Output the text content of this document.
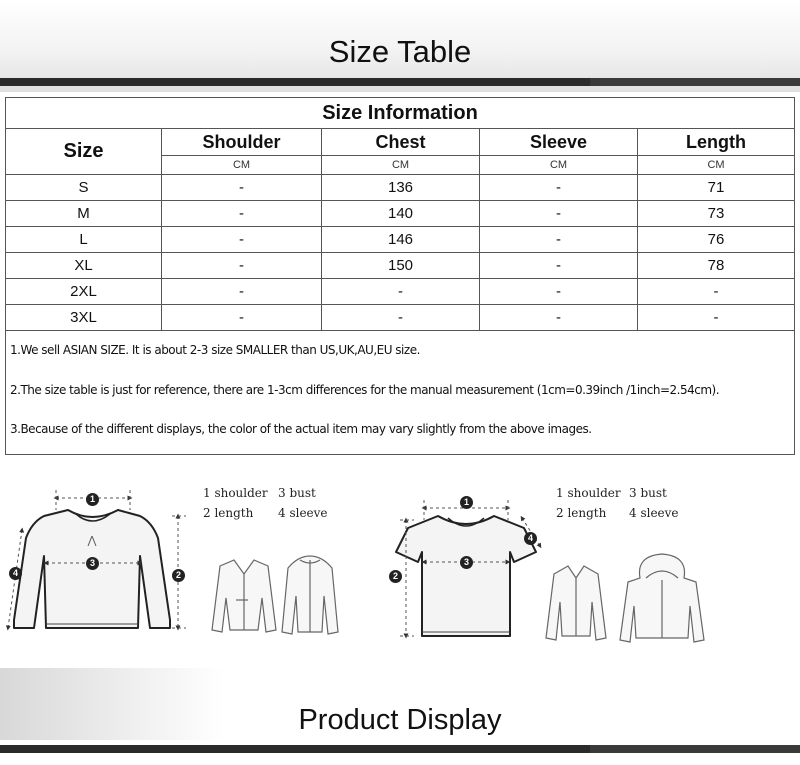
Size Table
Size Information				
Size	Shoulder	Chest	Sleeve	Length
	CM	CM	CM	CM
S	-	136	-	71
M	-	140	-	73
L	-	146	-	76
XL	-	150	-	78
2XL	-	-	-	-
3XL	-	-	-	-

1.We sell ASIAN SIZE. It is about 2-3 size SMALLER than US,UK,AU,EU size.
2.The size table is just for reference, there are 1-3cm differences for the manual measurement (1cm=0.39inch /1inch=2.54cm).
3.Because of the different displays, the color of the actual item may vary slightly from the above images.				
1
3
2
4
1
3
2
4
1 shoulder 3 bust
2 length 4 sleeve
1 shoulder 3 bust
2 length 4 sleeve
Product Display
